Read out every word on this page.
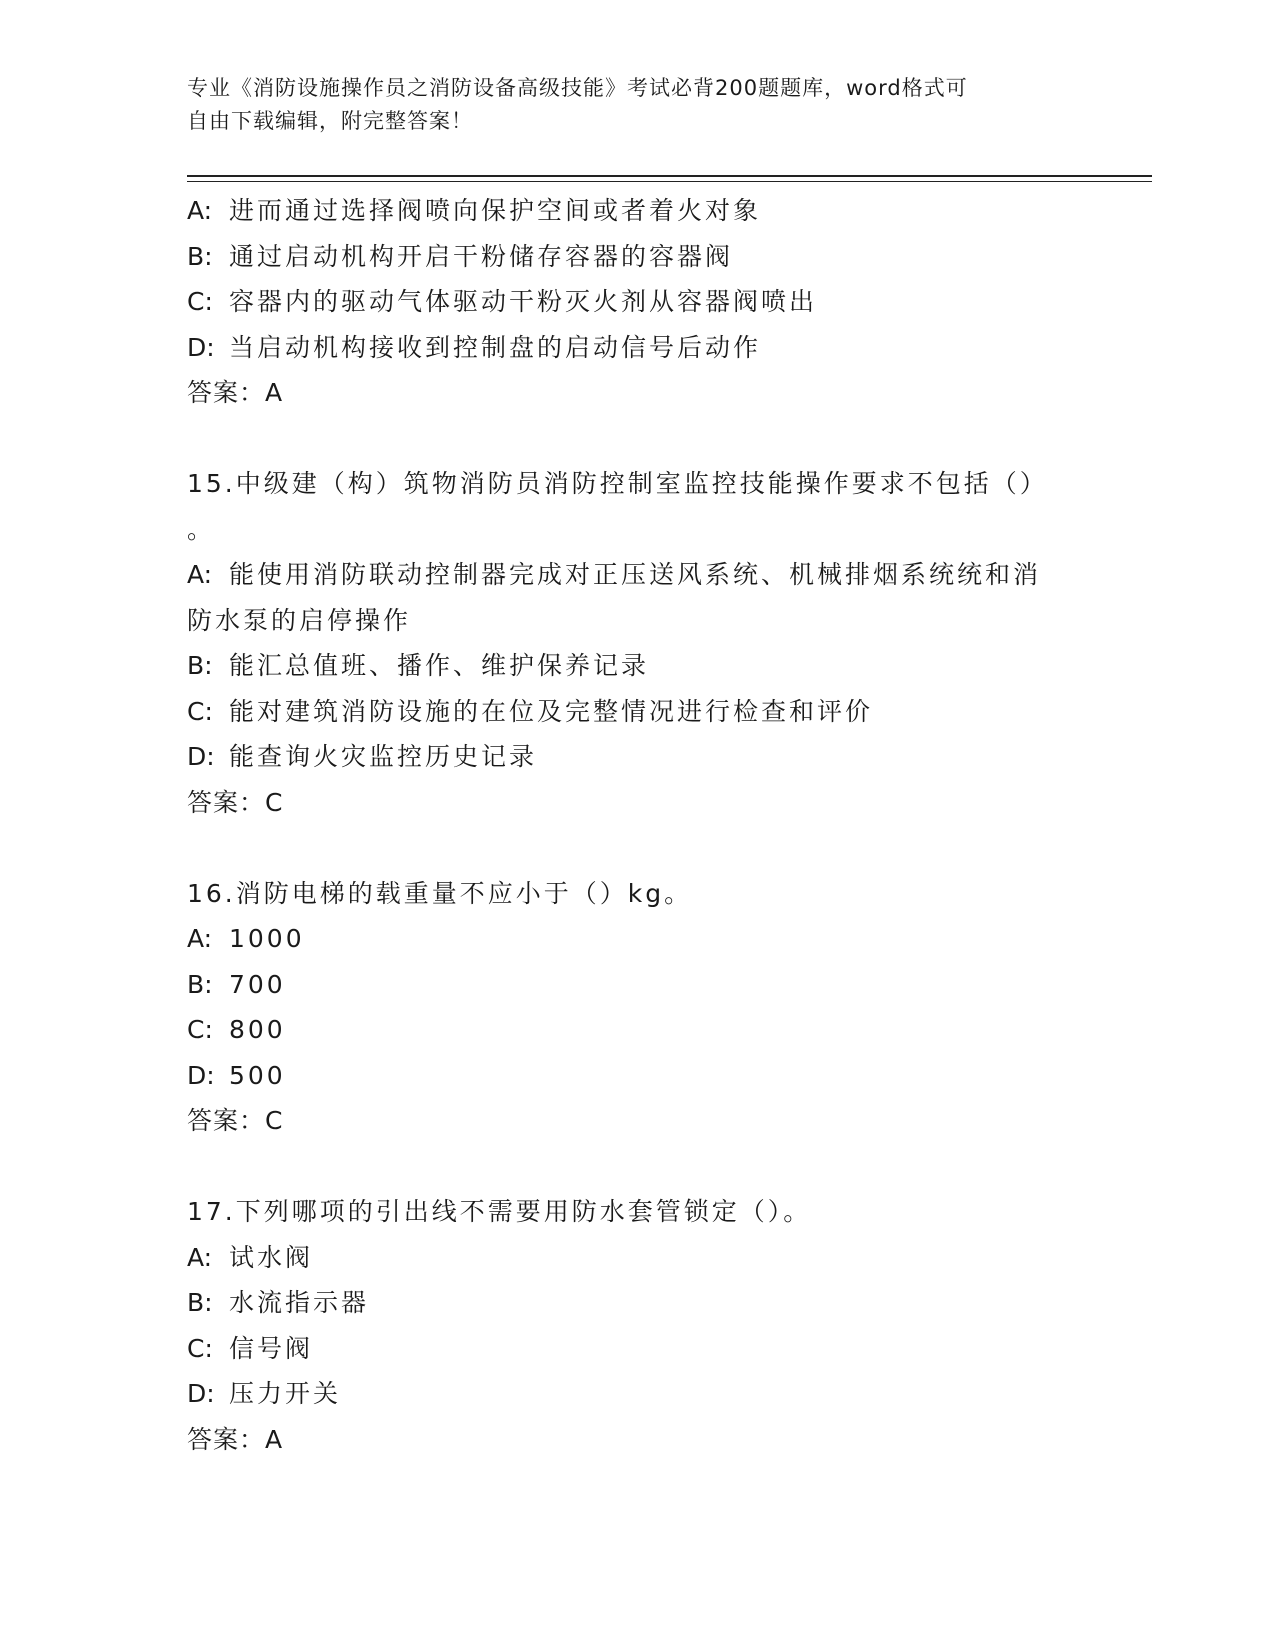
专业《消防设施操作员之消防设备高级技能》考试必背200题题库，word格式可
自由下载编辑，附完整答案！
A: 进而通过选择阀喷向保护空间或者着火对象
B: 通过启动机构开启干粉储存容器的容器阀
C: 容器内的驱动气体驱动干粉灭火剂从容器阀喷出
D: 当启动机构接收到控制盘的启动信号后动作
答案：A
15.中级建（构）筑物消防员消防控制室监控技能操作要求不包括（）
。
A: 能使用消防联动控制器完成对正压送风系统、机械排烟系统统和消
防水泵的启停操作
B: 能汇总值班、播作、维护保养记录
C: 能对建筑消防设施的在位及完整情况进行检查和评价
D: 能查询火灾监控历史记录
答案：C
16.消防电梯的载重量不应小于（）kg。
A: 1000
B: 700
C: 800
D: 500
答案：C
17.下列哪项的引出线不需要用防水套管锁定（）。
A: 试水阀
B: 水流指示器
C: 信号阀
D: 压力开关
答案：A
